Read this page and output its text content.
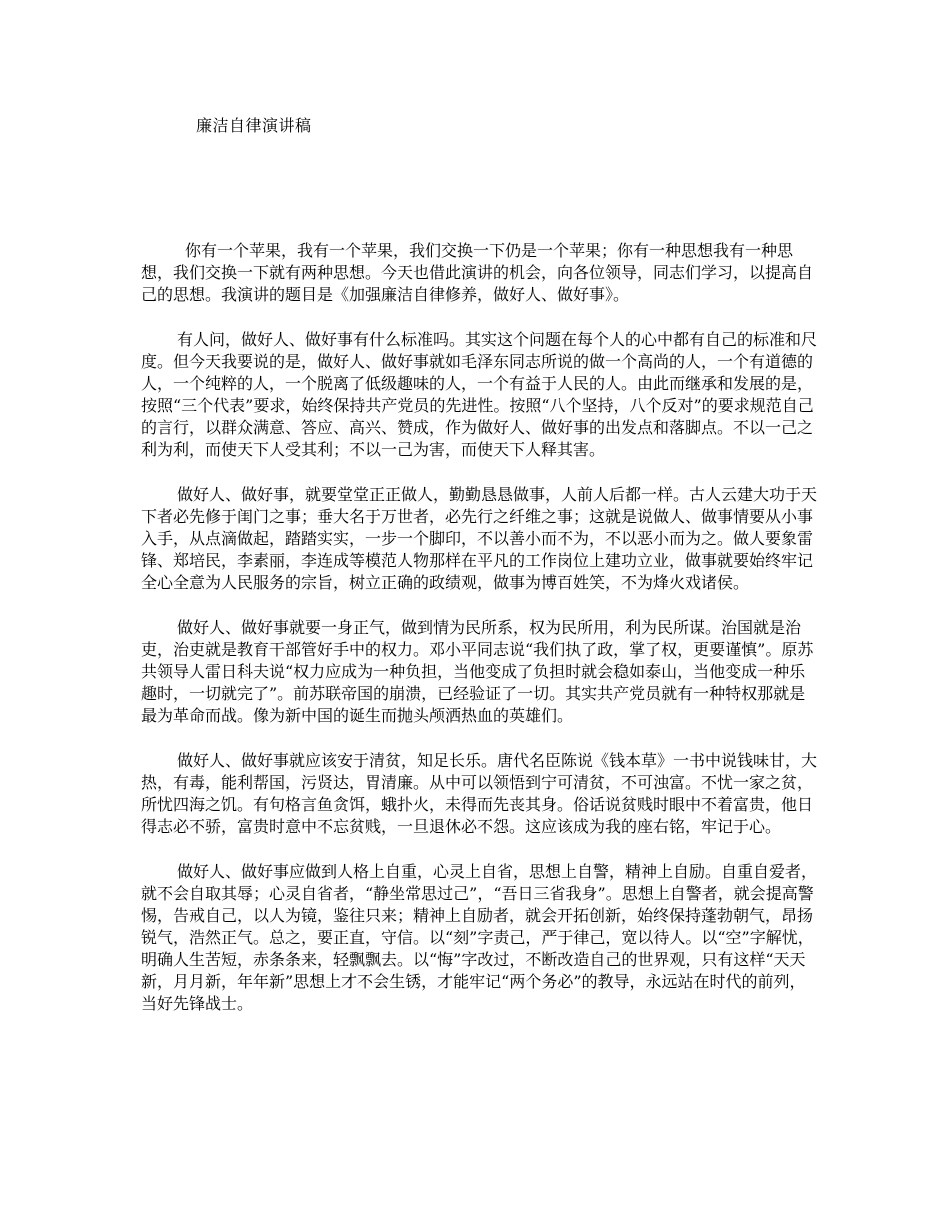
廉洁自律演讲稿

你有一个苹果，我有一个苹果，我们交换一下仍是一个苹果；你有一种思想我有一种思想，我们交换一下就有两种思想。今天也借此演讲的机会，向各位领导，同志们学习，以提高自己的思想。我演讲的题目是《加强廉洁自律修养，做好人、做好事》。

有人问，做好人、做好事有什么标准吗。其实这个问题在每个人的心中都有自己的标准和尺度。但今天我要说的是，做好人、做好事就如毛泽东同志所说的做一个高尚的人，一个有道德的人，一个纯粹的人，一个脱离了低级趣味的人，一个有益于人民的人。由此而继承和发展的是，按照“三个代表”要求，始终保持共产党员的先进性。按照“八个坚持，八个反对”的要求规范自己的言行，以群众满意、答应、高兴、赞成，作为做好人、做好事的出发点和落脚点。不以一己之利为利，而使天下人受其利；不以一己为害，而使天下人释其害。

做好人、做好事，就要堂堂正正做人，勤勤恳恳做事，人前人后都一样。古人云建大功于天下者必先修于闺门之事；垂大名于万世者，必先行之纤维之事；这就是说做人、做事情要从小事入手，从点滴做起，踏踏实实，一步一个脚印，不以善小而不为，不以恶小而为之。做人要象雷锋、郑培民，李素丽，李连成等模范人物那样在平凡的工作岗位上建功立业，做事就要始终牢记全心全意为人民服务的宗旨，树立正确的政绩观，做事为博百姓笑，不为烽火戏诸侯。

做好人、做好事就要一身正气，做到情为民所系，权为民所用，利为民所谋。治国就是治吏，治吏就是教育干部管好手中的权力。邓小平同志说“我们执了政，掌了权，更要谨慎”。原苏共领导人雷日科夫说“权力应成为一种负担，当他变成了负担时就会稳如泰山，当他变成一种乐趣时，一切就完了”。前苏联帝国的崩溃，已经验证了一切。其实共产党员就有一种特权那就是最为革命而战。像为新中国的诞生而抛头颅洒热血的英雄们。

做好人、做好事就应该安于清贫，知足长乐。唐代名臣陈说《钱本草》一书中说钱味甘，大热，有毒，能利帮国，污贤达，胃清廉。从中可以领悟到宁可清贫，不可浊富。不忧一家之贫，所忧四海之饥。有句格言鱼贪饵，蛾扑火，未得而先丧其身。俗话说贫贱时眼中不着富贵，他日得志必不骄，富贵时意中不忘贫贱，一旦退休必不怨。这应该成为我的座右铭，牢记于心。

做好人、做好事应做到人格上自重，心灵上自省，思想上自警，精神上自励。自重自爱者，就不会自取其辱；心灵自省者，“静坐常思过己”，“吾日三省我身”。思想上自警者，就会提高警惕，告戒自己，以人为镜，鉴往只来；精神上自励者，就会开拓创新，始终保持蓬勃朝气，昂扬锐气，浩然正气。总之，要正直，守信。以“刻”字责己，严于律己，宽以待人。以“空”字解忧，明确人生苦短，赤条条来，轻飘飘去。以“悔”字改过，不断改造自己的世界观，只有这样“天天新，月月新，年年新”思想上才不会生锈，才能牢记“两个务必”的教导，永远站在时代的前列，当好先锋战士。
